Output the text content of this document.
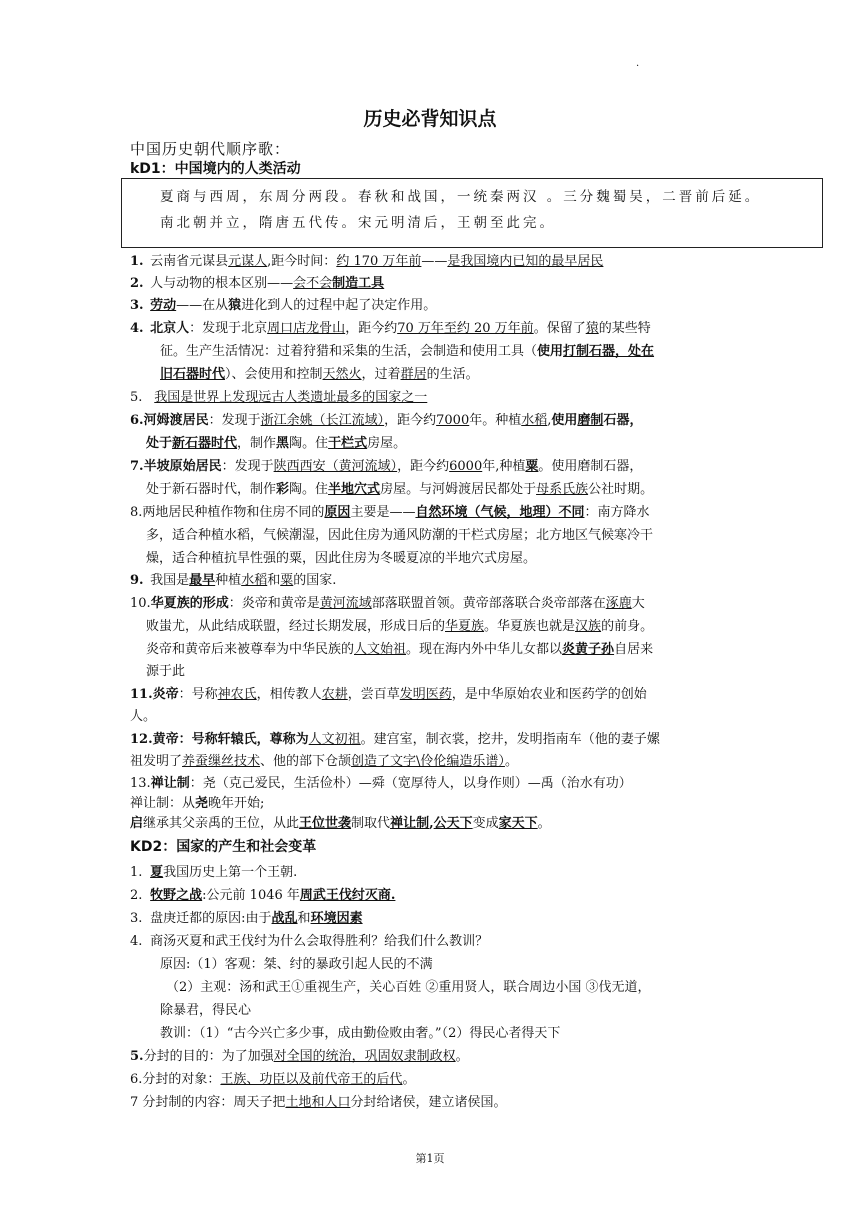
.
历史必背知识点
中国历史朝代顺序歌：
kD1：中国境内的人类活动

夏商与西周，东周分两段。春秋和战国，一统秦两汉 。三分魏蜀吴，二晋前后延。

南北朝并立，隋唐五代传。宋元明清后，王朝至此完。

1. 云南省元谋县元谋人,距今时间：约 170 万年前——是我国境内已知的最早居民
2. 人与动物的根本区别——会不会制造工具
3. 劳动——在从猿进化到人的过程中起了决定作用。
4. 北京人：发现于北京周口店龙骨山，距今约70 万年至约 20 万年前。保留了猿的某些特
征。生产生活情况：过着狩猎和采集的生活，会制造和使用工具（使用打制石器，处在
旧石器时代）、会使用和控制天然火，过着群居的生活。
5. 我国是世界上发现远古人类遗址最多的国家之一
6.河姆渡居民：发现于浙江余姚（长江流域），距今约7000年。种植水稻,使用磨制石器，
处于新石器时代，制作黑陶。住干栏式房屋。
7.半坡原始居民：发现于陕西西安（黄河流域），距今约6000年,种植粟。使用磨制石器，
处于新石器时代，制作彩陶。住半地穴式房屋。与河姆渡居民都处于母系氏族公社时期。
8.两地居民种植作物和住房不同的原因主要是——自然环境（气候，地理）不同：南方降水
多，适合种植水稻，气候潮湿，因此住房为通风防潮的干栏式房屋；北方地区气候寒冷干
燥，适合种植抗旱性强的粟，因此住房为冬暖夏凉的半地穴式房屋。
9. 我国是最早种植水稻和粟的国家.
10.华夏族的形成：炎帝和黄帝是黄河流域部落联盟首领。黄帝部落联合炎帝部落在涿鹿大
败蚩尤，从此结成联盟，经过长期发展，形成日后的华夏族。华夏族也就是汉族的前身。
炎帝和黄帝后来被尊奉为中华民族的人文始祖。现在海内外中华儿女都以炎黄子孙自居来
源于此
11.炎帝：号称神农氏，相传教人农耕，尝百草发明医药，是中华原始农业和医药学的创始
人。
12.黄帝：号称轩辕氏，尊称为人文初祖。建宫室，制衣裳，挖井，发明指南车（他的妻子嫘
祖发明了养蚕缫丝技术、他的部下仓颉创造了文字\伶伦编造乐谱）。
13.禅让制：尧（克己爱民，生活俭朴）—舜（宽厚待人，以身作则）—禹（治水有功）
禅让制：从尧晚年开始;
启继承其父亲禹的王位，从此王位世袭制取代禅让制,公天下变成家天下。
KD2：国家的产生和社会变革
1. 夏我国历史上第一个王朝.
2. 牧野之战:公元前 1046 年周武王伐纣灭商.
3. 盘庚迁都的原因:由于战乱和环境因素
4. 商汤灭夏和武王伐纣为什么会取得胜利？给我们什么教训？
原因:（1）客观：桀、纣的暴政引起人民的不满
（2）主观：汤和武王①重视生产，关心百姓 ②重用贤人，联合周边小国 ③伐无道，
除暴君，得民心
教训：（1）“古今兴亡多少事，成由勤俭败由奢。”（2）得民心者得天下
5.分封的目的：为了加强对全国的统治，巩固奴隶制政权。
6.分封的对象：王族、功臣以及前代帝王的后代。
7 分封制的内容：周天子把土地和人口分封给诸侯，建立诸侯国。
第1页
